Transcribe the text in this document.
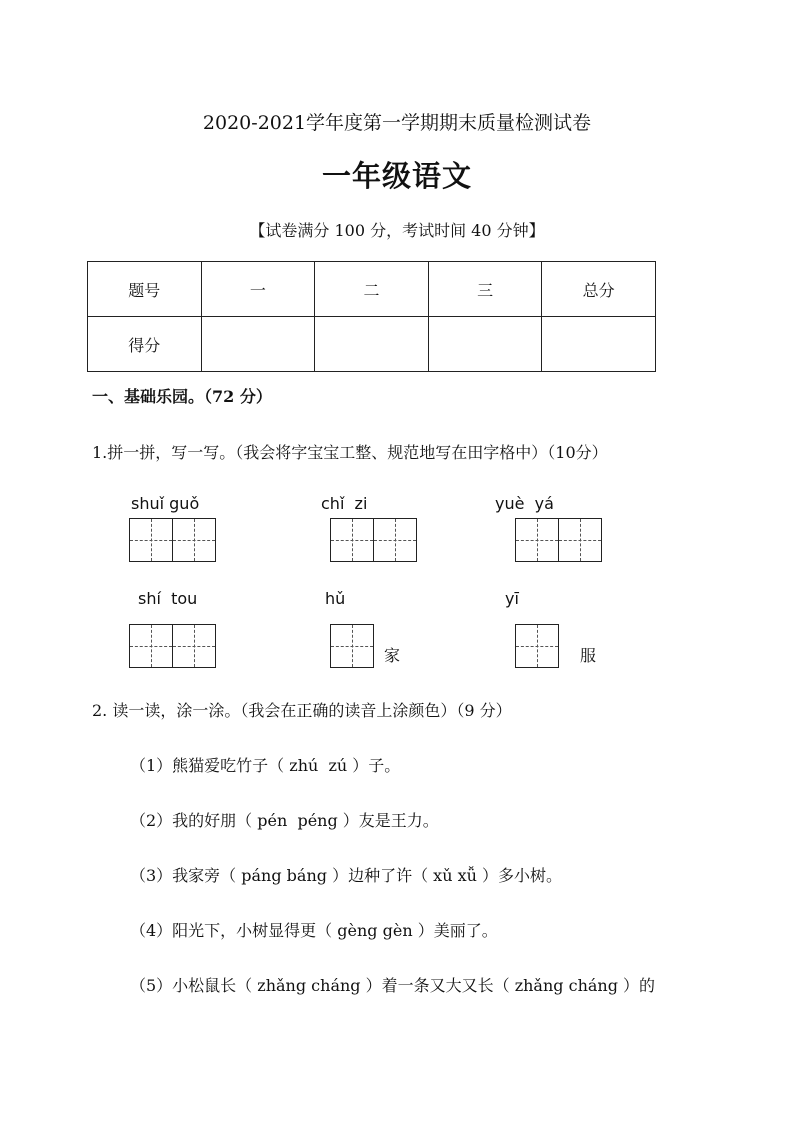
2020-2021学年度第一学期期末质量检测试卷
一年级语文
【试卷满分 100 分，考试时间 40 分钟】
题号	一	二	三	总分
得分				
一、基础乐园。（72 分）
1.拼一拼，写一写。（我会将字宝宝工整、规范地写在田字格中）（10分）
shuǐ guǒ	chǐ  zi	yuè  yá
shí  tou	hǔ
家
yī
服
2. 读一读，涂一涂。（我会在正确的读音上涂颜色）（9 分）
（1）熊猫爱吃竹子（ zhú  zú ）子。
（2）我的好朋（ pén  péng ）友是王力。
（3）我家旁（ páng báng ）边种了许（ xǔ xǚ ）多小树。
（4）阳光下，小树显得更（ gèng gèn ）美丽了。
（5）小松鼠长（ zhǎng cháng ）着一条又大又长（ zhǎng cháng ）的
